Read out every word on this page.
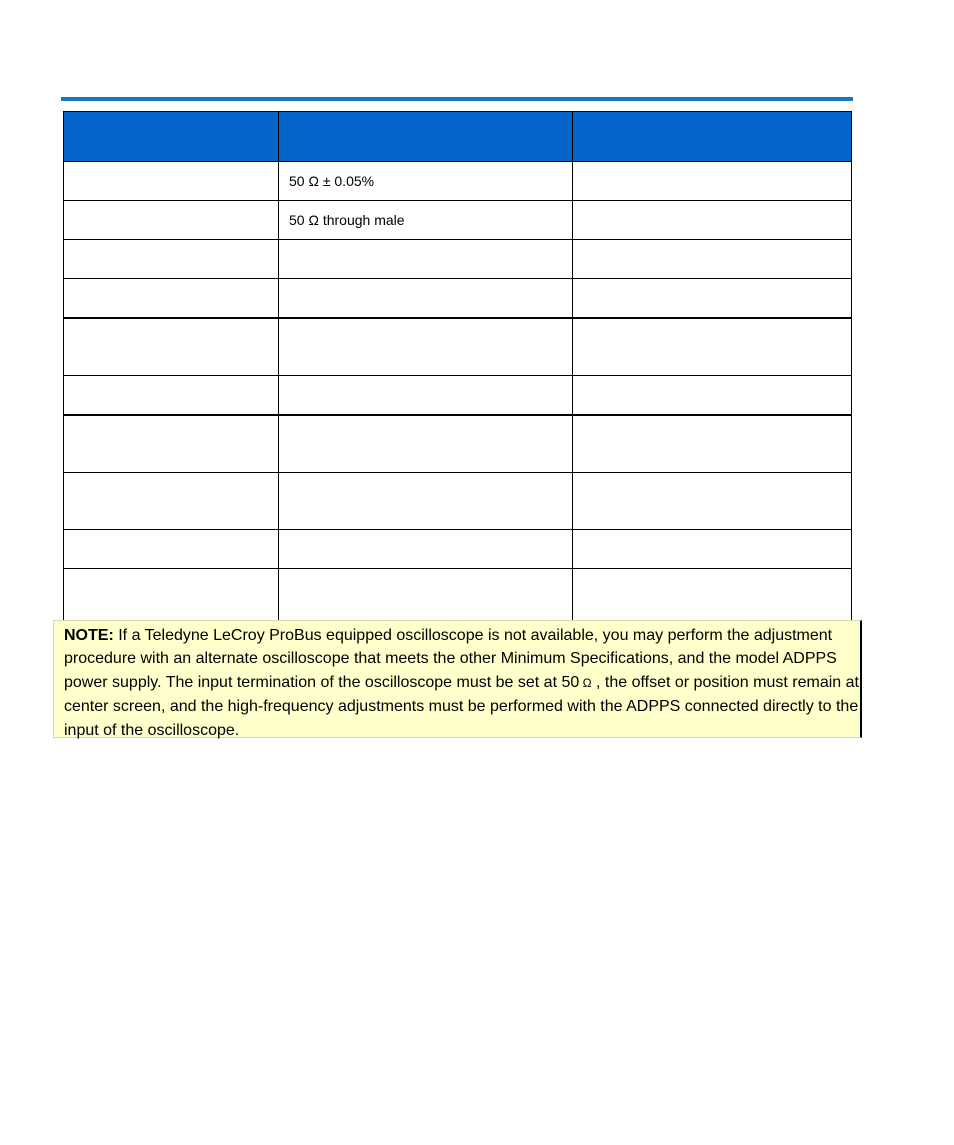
	50 Ω ± 0.05%	
	50 Ω through male	

NOTE: If a Teledyne LeCroy ProBus equipped oscilloscope is not available, you may perform the adjustment procedure with an alternate oscilloscope that meets the other Minimum Specifications, and the model ADPPS power supply. The input termination of the oscilloscope must be set at 50 Ω , the offset or position must remain at center screen, and the high-frequency adjustments must be performed with the ADPPS connected directly to the input of the oscilloscope.
